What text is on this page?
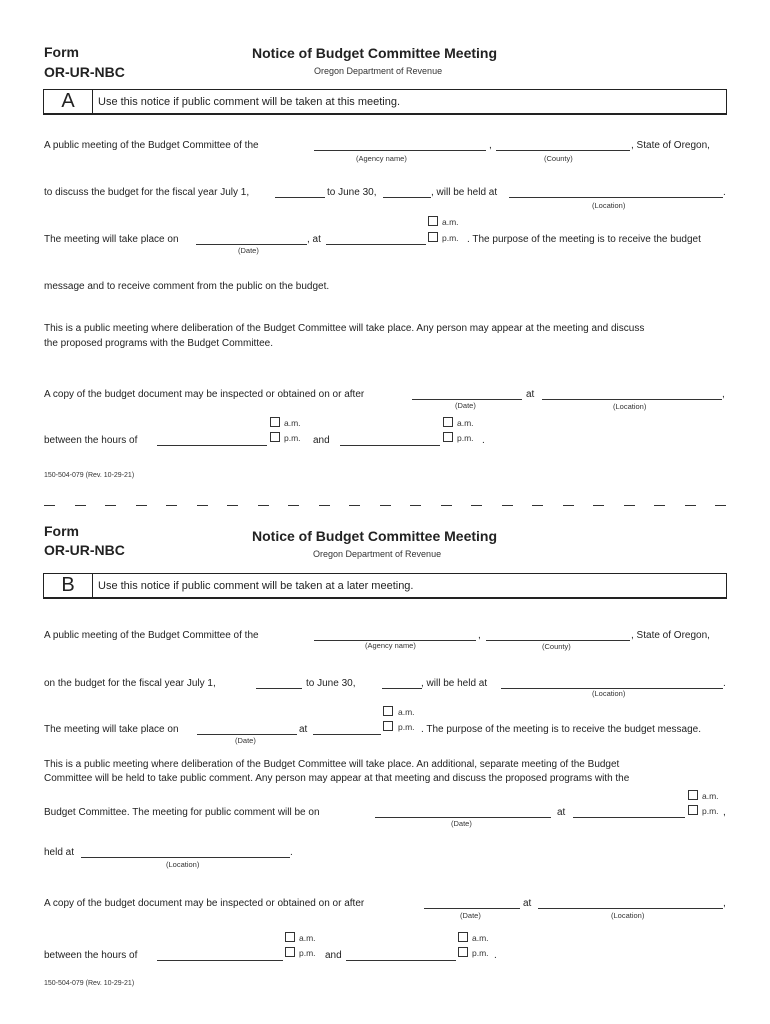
Form
OR-UR-NBC
Notice of Budget Committee Meeting
Oregon Department of Revenue
A	Use this notice if public comment will be taken at this meeting.
A public meeting of the Budget Committee of the	,	, State of Oregon,
(Agency name)	(County)
to discuss the budget for the fiscal year July 1,	to June 30,	, will be held at	.
(Location)
a.m.
The meeting will take place on	, at	p.m. . The purpose of the meeting is to receive the budget
(Date)
message and to receive comment from the public on the budget.
This is a public meeting where deliberation of the Budget Committee will take place. Any person may appear at the meeting and discuss
the proposed programs with the Budget Committee.
A copy of the budget document may be inspected or obtained on or after	at	,
(Date)	(Location)
a.m.	a.m.
between the hours of	p.m. and	p.m. .
150-504-079 (Rev. 10-29-21)
Form
OR-UR-NBC
Notice of Budget Committee Meeting
Oregon Department of Revenue
B	Use this notice if public comment will be taken at a later meeting.
A public meeting of the Budget Committee of the	,	, State of Oregon,
(Agency name)	(County)
on the budget for the fiscal year July 1,	to June 30,	, will be held at	.
(Location)
a.m.
The meeting will take place on	at	p.m. . The purpose of the meeting is to receive the budget message.
(Date)
This is a public meeting where deliberation of the Budget Committee will take place. An additional, separate meeting of the Budget
Committee will be held to take public comment. Any person may appear at that meeting and discuss the proposed programs with the
a.m.
Budget Committee. The meeting for public comment will be on	at	p.m. ,
(Date)
held at	.
(Location)
A copy of the budget document may be inspected or obtained on or after	at	,
(Date)	(Location)
a.m.	a.m.
between the hours of	p.m. and	p.m. .
150-504-079 (Rev. 10-29-21)
